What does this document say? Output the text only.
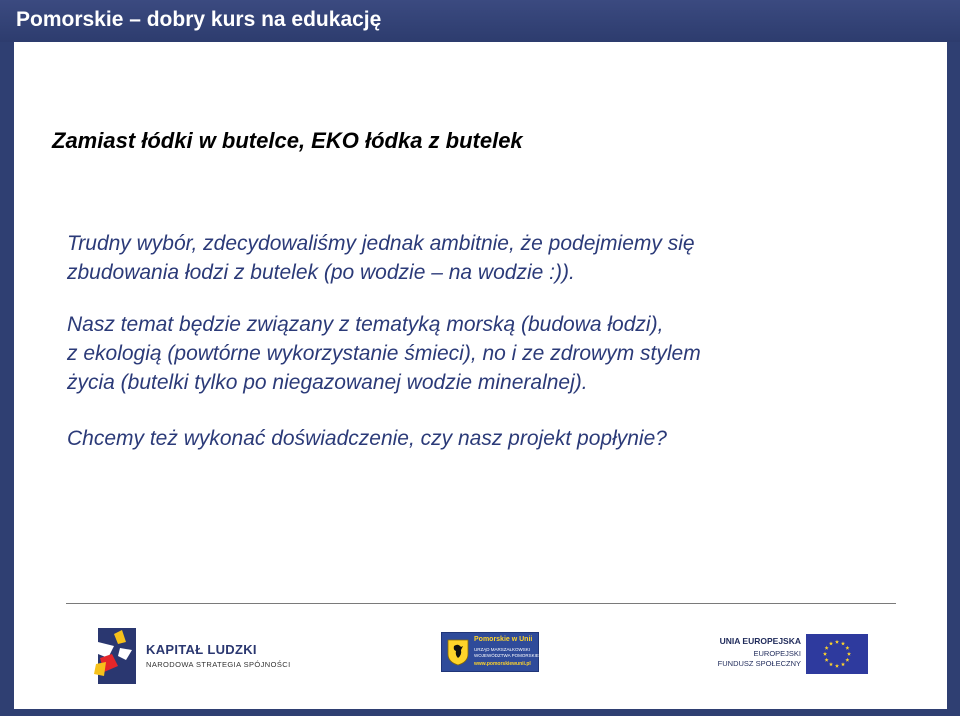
Pomorskie – dobry kurs na edukację
Zamiast łódki w butelce, EKO łódka z butelek

Trudny wybór, zdecydowaliśmy jednak ambitnie, że podejmiemy się
zbudowania łodzi z butelek (po wodzie – na wodzie :)).

Nasz temat będzie związany z tematyką morską (budowa łodzi),
z ekologią (powtórne wykorzystanie śmieci), no i ze zdrowym stylem
życia (butelki tylko po niegazowanej wodzie mineralnej).

Chcemy też wykonać doświadczenie, czy nasz projekt popłynie?

KAPITAŁ LUDZKI
NARODOWA STRATEGIA SPÓJNOŚCI
Pomorskie w Unii
URZĄD MARSZAŁKOWSKI
WOJEWÓDZTWA POMORSKIEGO
www.pomorskiewunii.pl
UNIA EUROPEJSKA
EUROPEJSKI
FUNDUSZ SPOŁECZNY
